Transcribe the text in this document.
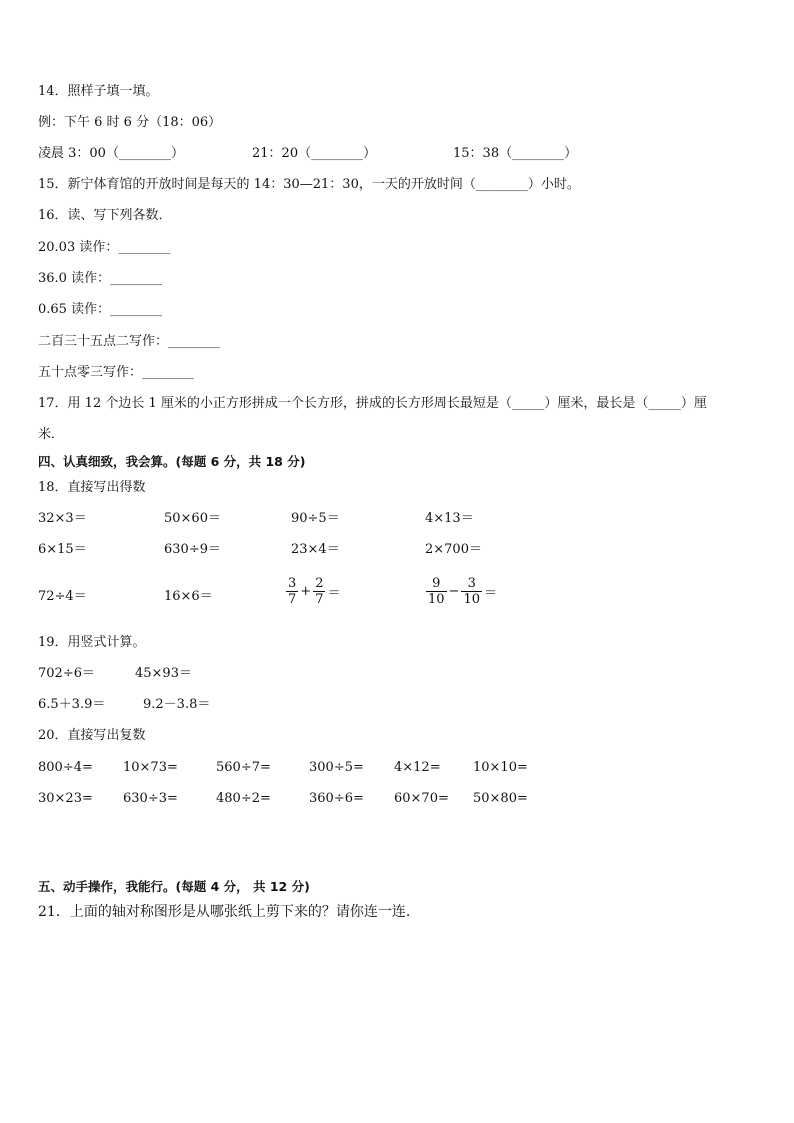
14．照样子填一填。
例：下午 6 时 6 分（18：06）
凌晨 3：00（________）	21：20（________）	15：38（________）
15．新宁体育馆的开放时间是每天的 14：30—21：30，一天的开放时间（________）小时。
16．读、写下列各数．
20.03 读作：________
36.0 读作：________
0.65 读作：________
二百三十五点二写作：________
五十点零三写作：________
17．用 12 个边长 1 厘米的小正方形拼成一个长方形，拼成的长方形周长最短是（_____）厘米，最长是（_____）厘
米．
四、认真细致，我会算。(每题 6 分，共 18 分)
18．直接写出得数
32×3＝	50×60＝	90÷5＝	4×13＝
6×15＝	630÷9＝	23×4＝	2×700＝
72÷4＝	16×6＝	$\frac{3}{7} + \frac{2}{7}$ ＝	$\frac{9}{10} - \frac{3}{10}$ ＝
19．用竖式计算。
702÷6＝	45×93＝
6.5＋3.9＝	9.2－3.8＝
20．直接写出复数
800÷4= 10×73=	560÷7=	300÷5= 4×12= 10×10=
30×23= 630÷3=	480÷2=	360÷6= 60×70= 50×80=
五、动手操作，我能行。(每题 4 分， 共 12 分)
21．上面的轴对称图形是从哪张纸上剪下来的？请你连一连.
